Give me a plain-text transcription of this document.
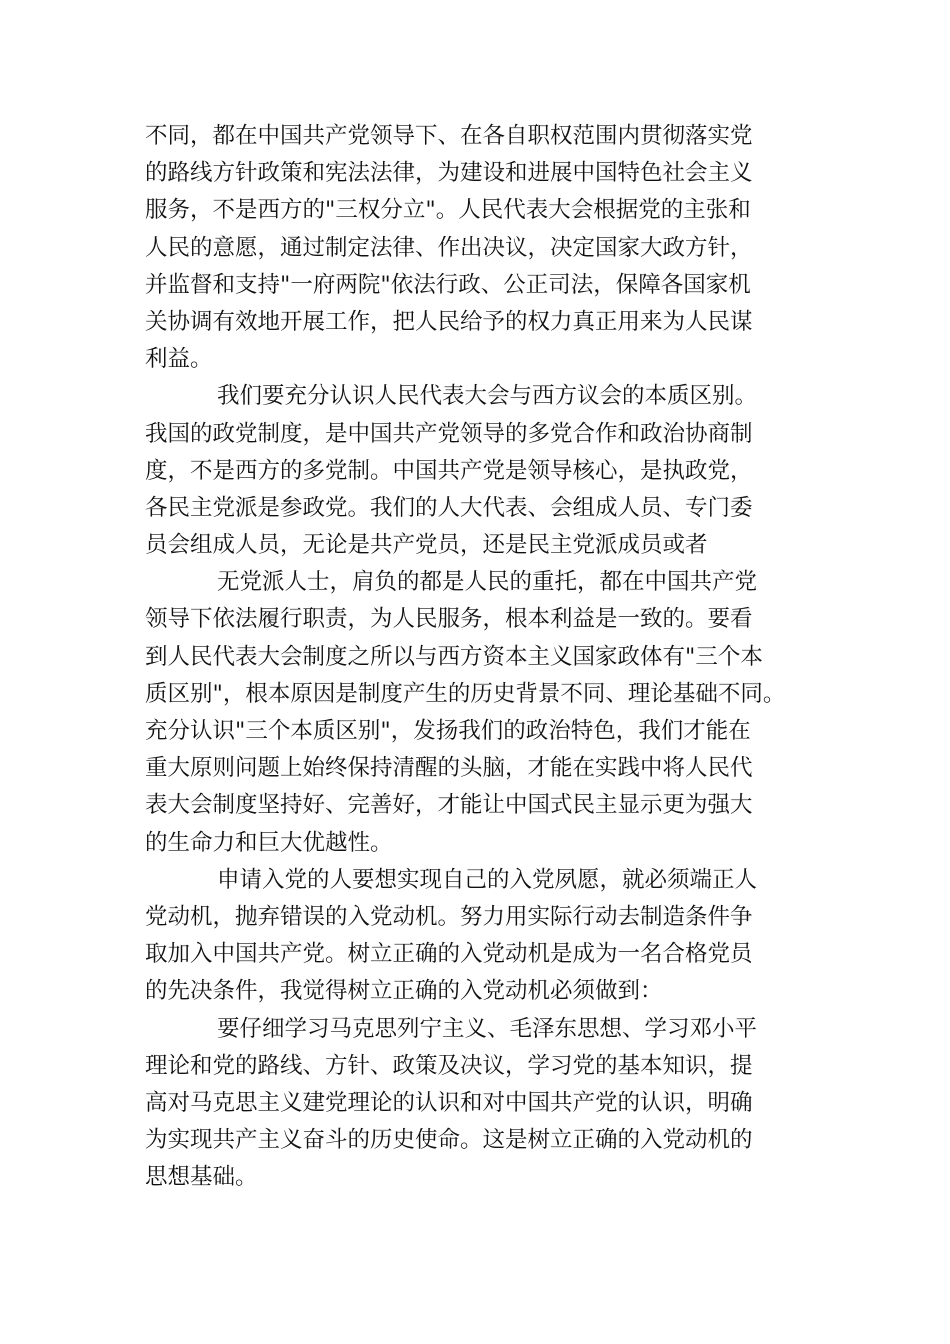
不同，都在中国共产党领导下、在各自职权范围内贯彻落实党
的路线方针政策和宪法法律，为建设和进展中国特色社会主义
服务，不是西方的"三权分立"。人民代表大会根据党的主张和
人民的意愿，通过制定法律、作出决议，决定国家大政方针，
并监督和支持"一府两院"依法行政、公正司法，保障各国家机
关协调有效地开展工作，把人民给予的权力真正用来为人民谋
利益。
我们要充分认识人民代表大会与西方议会的本质区别。
我国的政党制度，是中国共产党领导的多党合作和政治协商制
度，不是西方的多党制。中国共产党是领导核心，是执政党，
各民主党派是参政党。我们的人大代表、会组成人员、专门委
员会组成人员，无论是共产党员，还是民主党派成员或者
无党派人士，肩负的都是人民的重托，都在中国共产党
领导下依法履行职责，为人民服务，根本利益是一致的。要看
到人民代表大会制度之所以与西方资本主义国家政体有"三个本
质区别"，根本原因是制度产生的历史背景不同、理论基础不同。
充分认识"三个本质区别"，发扬我们的政治特色，我们才能在
重大原则问题上始终保持清醒的头脑，才能在实践中将人民代
表大会制度坚持好、完善好，才能让中国式民主显示更为强大
的生命力和巨大优越性。
申请入党的人要想实现自己的入党夙愿，就必须端正人
党动机，抛弃错误的入党动机。努力用实际行动去制造条件争
取加入中国共产党。树立正确的入党动机是成为一名合格党员
的先决条件，我觉得树立正确的入党动机必须做到：
要仔细学习马克思列宁主义、毛泽东思想、学习邓小平
理论和党的路线、方针、政策及决议，学习党的基本知识，提
高对马克思主义建党理论的认识和对中国共产党的认识，明确
为实现共产主义奋斗的历史使命。这是树立正确的入党动机的
思想基础。
